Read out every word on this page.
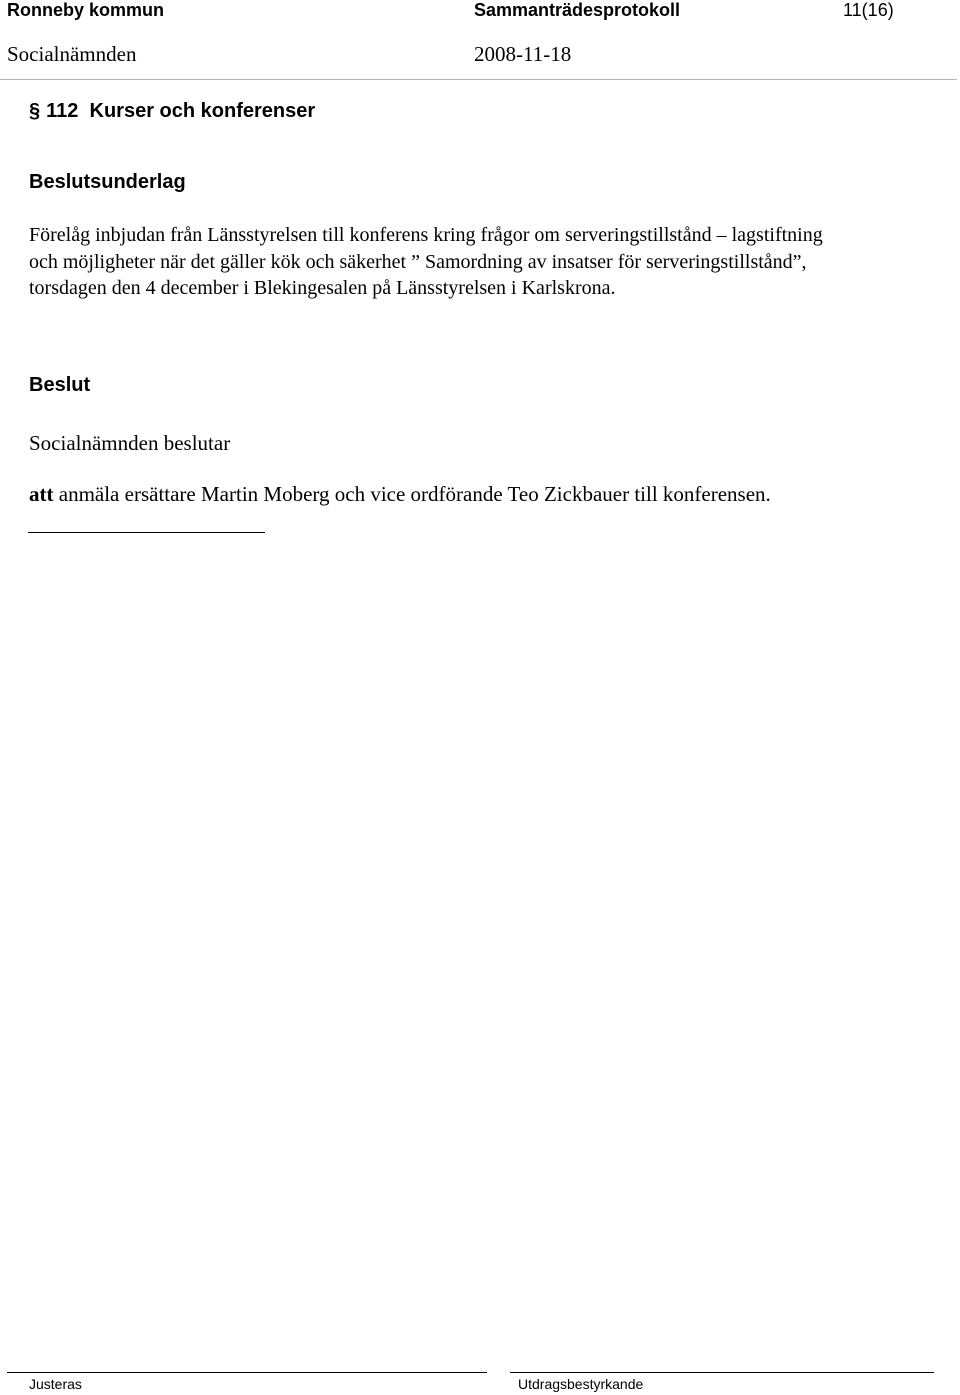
Ronneby kommun	Sammanträdesprotokoll	11(16)
Socialnämnden	2008-11-18
§ 112 Kurser och konferenser
Beslutsunderlag
Förelåg inbjudan från Länsstyrelsen till konferens kring frågor om serveringstillstånd – lagstiftning
och möjligheter när det gäller kök och säkerhet ” Samordning av insatser för serveringstillstånd”,
torsdagen den 4 december i Blekingesalen på Länsstyrelsen i Karlskrona.
Beslut
Socialnämnden beslutar
att anmäla ersättare Martin Moberg och vice ordförande Teo Zickbauer till konferensen.
Justeras	Utdragsbestyrkande
